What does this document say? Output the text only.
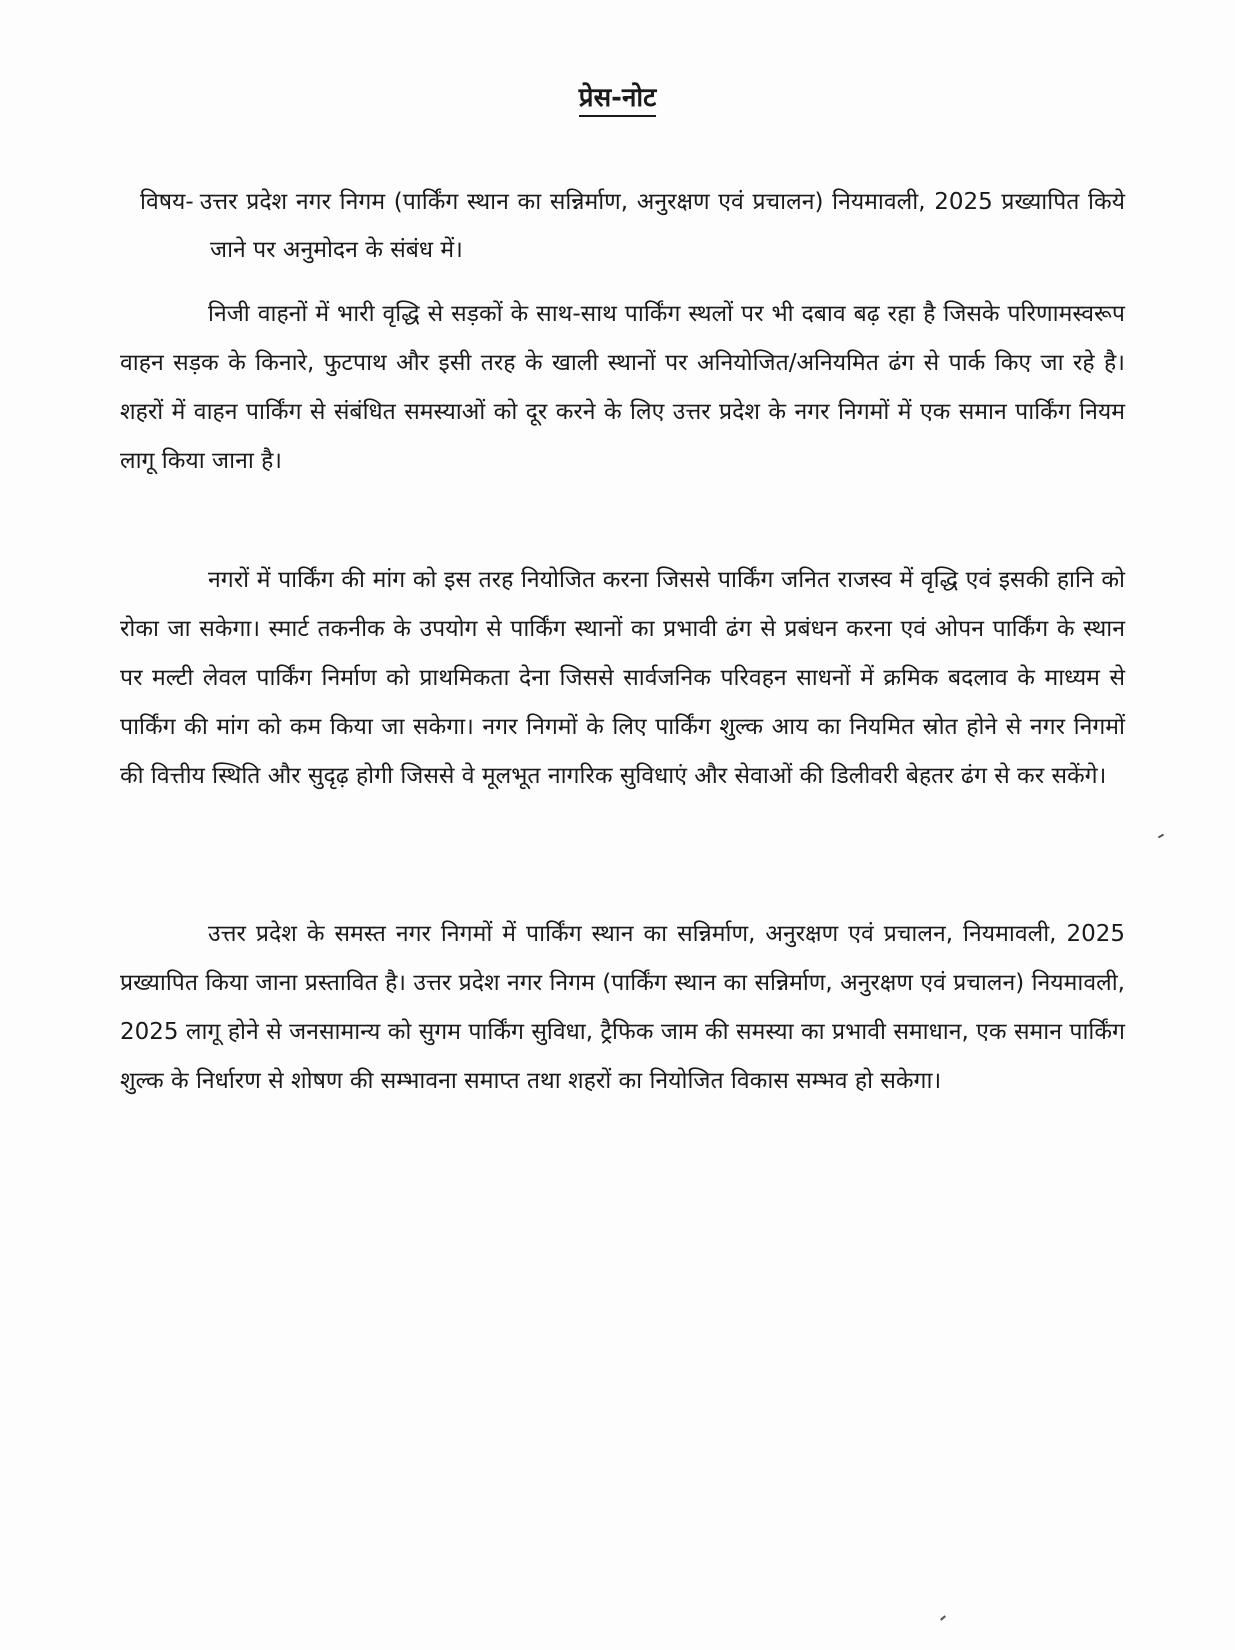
प्रेस-नोट
विषय- उत्तर प्रदेश नगर निगम (पार्किंग स्थान का सन्निर्माण, अनुरक्षण एवं प्रचालन) नियमावली, 2025 प्रख्यापित किये जाने पर अनुमोदन के संबंध में।

निजी वाहनों में भारी वृद्धि से सड़कों के साथ-साथ पार्किंग स्थलों पर भी दबाव बढ़ रहा है जिसके परिणामस्वरूप वाहन सड़क के किनारे, फुटपाथ और इसी तरह के खाली स्थानों पर अनियोजित/अनियमित ढंग से पार्क किए जा रहे है। शहरों में वाहन पार्किंग से संबंधित समस्याओं को दूर करने के लिए उत्तर प्रदेश के नगर निगमों में एक समान पार्किंग नियम लागू किया जाना है।

नगरों में पार्किंग की मांग को इस तरह नियोजित करना जिससे पार्किंग जनित राजस्व में वृद्धि एवं इसकी हानि को रोका जा सकेगा। स्मार्ट तकनीक के उपयोग से पार्किंग स्थानों का प्रभावी ढंग से प्रबंधन करना एवं ओपन पार्किंग के स्थान पर मल्टी लेवल पार्किंग निर्माण को प्राथमिकता देना जिससे सार्वजनिक परिवहन साधनों में क्रमिक बदलाव के माध्यम से पार्किंग की मांग को कम किया जा सकेगा। नगर निगमों के लिए पार्किंग शुल्क आय का नियमित स्रोत होने से नगर निगमों की वित्तीय स्थिति और सुदृढ़ होगी जिससे वे मूलभूत नागरिक सुविधाएं और सेवाओं की डिलीवरी बेहतर ढंग से कर सकेंगे।

उत्तर प्रदेश के समस्त नगर निगमों में पार्किंग स्थान का सन्निर्माण, अनुरक्षण एवं प्रचालन, नियमावली, 2025 प्रख्यापित किया जाना प्रस्तावित है। उत्तर प्रदेश नगर निगम (पार्किंग स्थान का सन्निर्माण, अनुरक्षण एवं प्रचालन) नियमावली, 2025 लागू होने से जनसामान्य को सुगम पार्किंग सुविधा, ट्रैफिक जाम की समस्या का प्रभावी समाधान, एक समान पार्किंग शुल्क के निर्धारण से शोषण की सम्भावना समाप्त तथा शहरों का नियोजित विकास सम्भव हो सकेगा।
